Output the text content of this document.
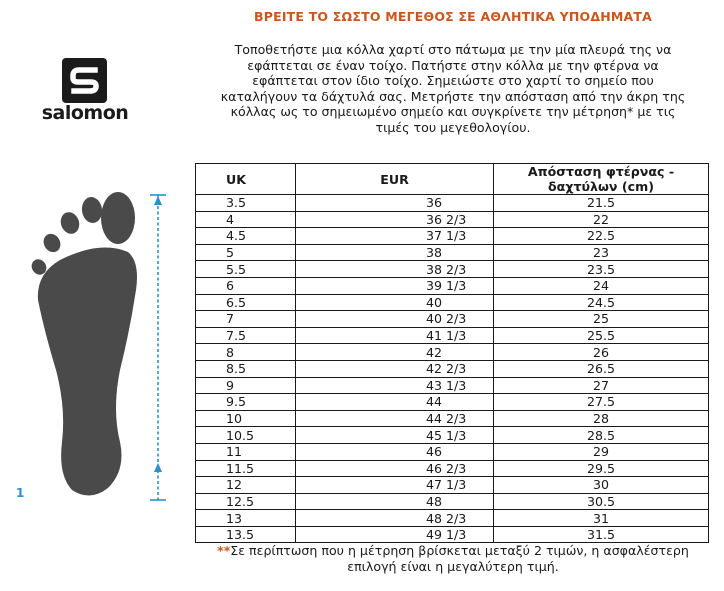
ΒΡΕΙΤΕ ΤΟ ΣΩΣΤΟ ΜΕΓΕΘΟΣ ΣΕ ΑΘΛΗΤΙΚΑ ΥΠΟΔΗΜΑΤΑ
Τοποθετήστε μια κόλλα χαρτί στο πάτωμα με την μία πλευρά της να εφάπτεται σε έναν τοίχο. Πατήστε στην κόλλα με την φτέρνα να εφάπτεται στον ίδιο τοίχο. Σημειώστε στο χαρτί το σημείο που καταλήγουν τα δάχτυλά σας. Μετρήστε την απόσταση από την άκρη της κόλλας ως το σημειωμένο σημείο και συγκρίνετε την μέτρηση* με τις τιμές του μεγεθολογίου.
salomon
1
UK	EUR	Απόσταση φτέρνας - δαχτύλων (cm)
3.5	36	21.5
4	36 2/3	22
4.5	37 1/3	22.5
5	38	23
5.5	38 2/3	23.5
6	39 1/3	24
6.5	40	24.5
7	40 2/3	25
7.5	41 1/3	25.5
8	42	26
8.5	42 2/3	26.5
9	43 1/3	27
9.5	44	27.5
10	44 2/3	28
10.5	45 1/3	28.5
11	46	29
11.5	46 2/3	29.5
12	47 1/3	30
12.5	48	30.5
13	48 2/3	31
13.5	49 1/3	31.5
**Σε περίπτωση που η μέτρηση βρίσκεται μεταξύ 2 τιμών, η ασφαλέστερη επιλογή είναι η μεγαλύτερη τιμή.
